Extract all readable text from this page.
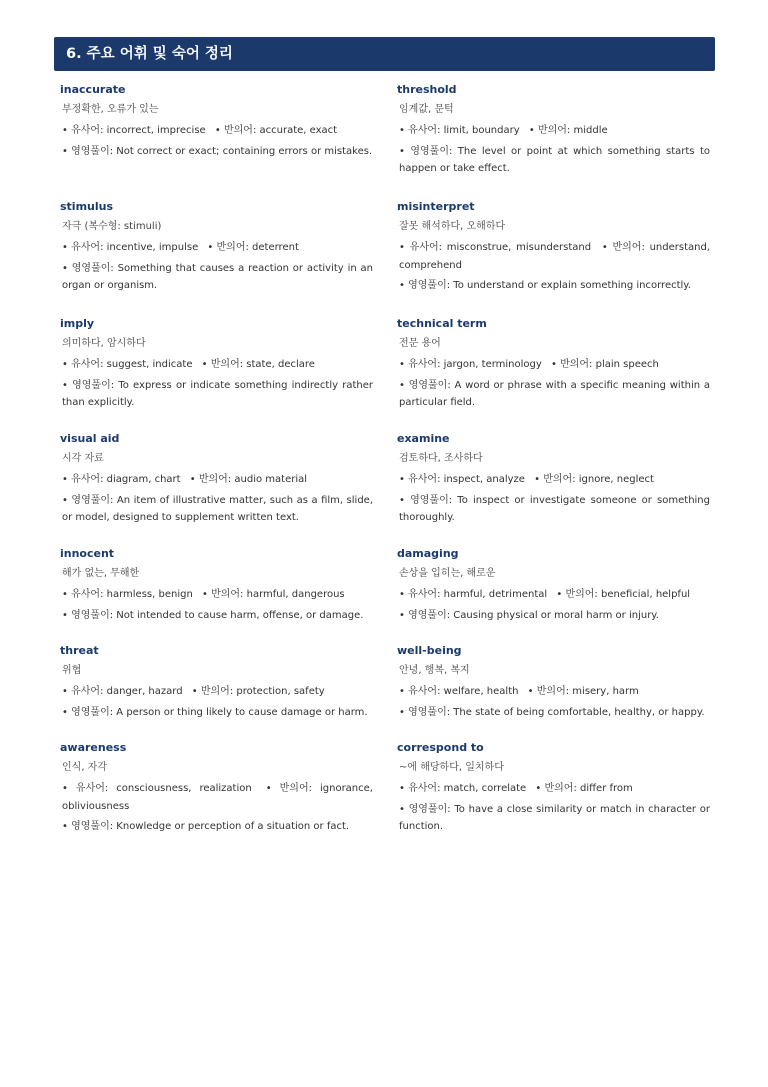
6. 주요 어휘 및 숙어 정리
inaccurate
부정확한, 오류가 있는
• 유사어: incorrect, imprecise • 반의어: accurate, exact
• 영영풀이: Not correct or exact; containing errors or mistakes.
stimulus
자극 (복수형: stimuli)
• 유사어: incentive, impulse • 반의어: deterrent
• 영영풀이: Something that causes a reaction or activity in an organ or organism.
imply
의미하다, 암시하다
• 유사어: suggest, indicate • 반의어: state, declare
• 영영풀이: To express or indicate something indirectly rather than explicitly.
visual aid
시각 자료
• 유사어: diagram, chart • 반의어: audio material
• 영영풀이: An item of illustrative matter, such as a film, slide, or model, designed to supplement written text.
innocent
해가 없는, 무해한
• 유사어: harmless, benign • 반의어: harmful, dangerous
• 영영풀이: Not intended to cause harm, offense, or damage.
threat
위협
• 유사어: danger, hazard • 반의어: protection, safety
• 영영풀이: A person or thing likely to cause damage or harm.
awareness
인식, 자각
• 유사어: consciousness, realization • 반의어: ignorance, obliviousness
• 영영풀이: Knowledge or perception of a situation or fact.
threshold
임계값, 문턱
• 유사어: limit, boundary • 반의어: middle
• 영영풀이: The level or point at which something starts to happen or take effect.
misinterpret
잘못 해석하다, 오해하다
• 유사어: misconstrue, misunderstand • 반의어: understand, comprehend
• 영영풀이: To understand or explain something incorrectly.
technical term
전문 용어
• 유사어: jargon, terminology • 반의어: plain speech
• 영영풀이: A word or phrase with a specific meaning within a particular field.
examine
검토하다, 조사하다
• 유사어: inspect, analyze • 반의어: ignore, neglect
• 영영풀이: To inspect or investigate someone or something thoroughly.
damaging
손상을 입히는, 해로운
• 유사어: harmful, detrimental • 반의어: beneficial, helpful
• 영영풀이: Causing physical or moral harm or injury.
well-being
안녕, 행복, 복지
• 유사어: welfare, health • 반의어: misery, harm
• 영영풀이: The state of being comfortable, healthy, or happy.
correspond to
~에 해당하다, 일치하다
• 유사어: match, correlate • 반의어: differ from
• 영영풀이: To have a close similarity or match in character or function.
